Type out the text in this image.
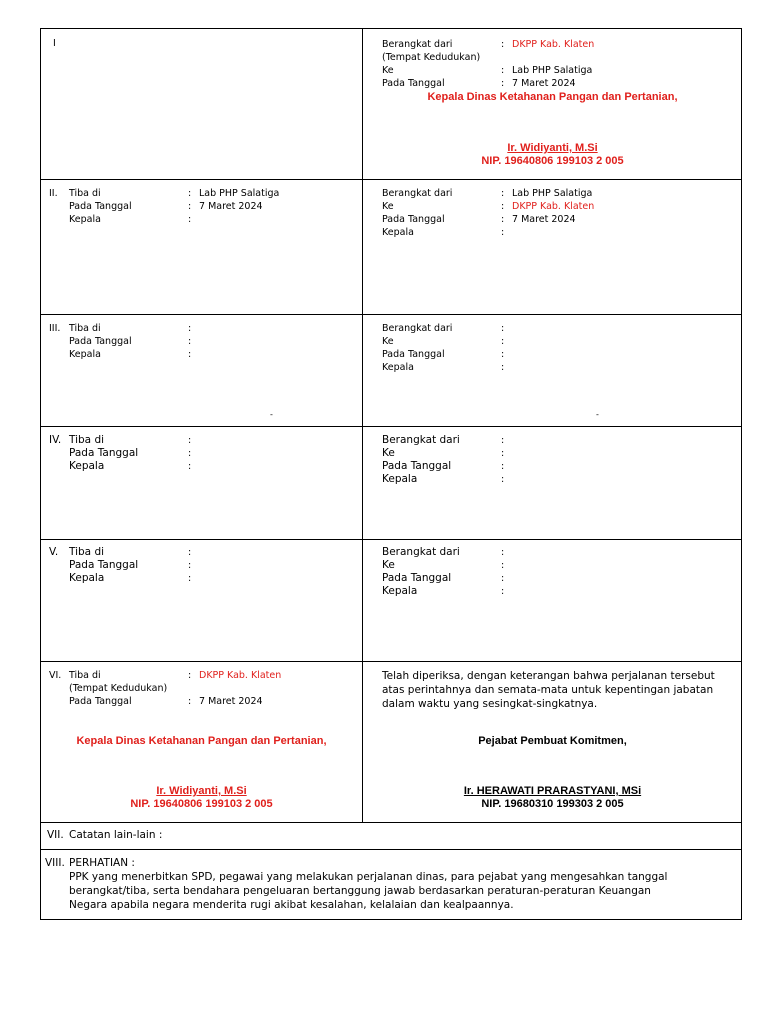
I	Berangkat dari
(Tempat Kedudukan)
Ke
Pada Tanggal
:
:
:
DKPP Kab. Klaten
Lab PHP Salatiga
7 Maret 2024
Kepala Dinas Ketahanan Pangan dan Pertanian,
Ir. Widiyanti, M.Si
NIP. 19640806 199103 2 005
II. Tiba di
Pada Tanggal
Kepala
:
:
:
Lab PHP Salatiga
7 Maret 2024
Berangkat dari
Ke
Pada Tanggal
Kepala
:
:
:
:
Lab PHP Salatiga
DKPP Kab. Klaten
7 Maret 2024
III. Tiba di
Pada Tanggal
Kepala
:
:
:
-
Berangkat dari
Ke
Pada Tanggal
Kepala
:
:
:
:
-
IV. Tiba di
Pada Tanggal
Kepala
:
:
:
Berangkat dari
Ke
Pada Tanggal
Kepala
:
:
:
:
V. Tiba di
Pada Tanggal
Kepala
:
:
:
Berangkat dari
Ke
Pada Tanggal
Kepala
:
:
:
:
VI. Tiba di
(Tempat Kedudukan)
Pada Tanggal
:
:
DKPP Kab. Klaten
7 Maret 2024
Kepala Dinas Ketahanan Pangan dan Pertanian,
Ir. Widiyanti, M.Si
NIP. 19640806 199103 2 005
Telah diperiksa, dengan keterangan bahwa perjalanan tersebut
atas perintahnya dan semata-mata untuk kepentingan jabatan
dalam waktu yang sesingkat-singkatnya.
Pejabat Pembuat Komitmen,
Ir. HERAWATI PRARASTYANI, MSi
NIP. 19680310 199303 2 005
VII. Catatan lain-lain :
VIII. PERHATIAN :
PPK yang menerbitkan SPD, pegawai yang melakukan perjalanan dinas, para pejabat yang mengesahkan tanggal
berangkat/tiba, serta bendahara pengeluaran bertanggung jawab berdasarkan peraturan-peraturan Keuangan
Negara apabila negara menderita rugi akibat kesalahan, kelalaian dan kealpaannya.
